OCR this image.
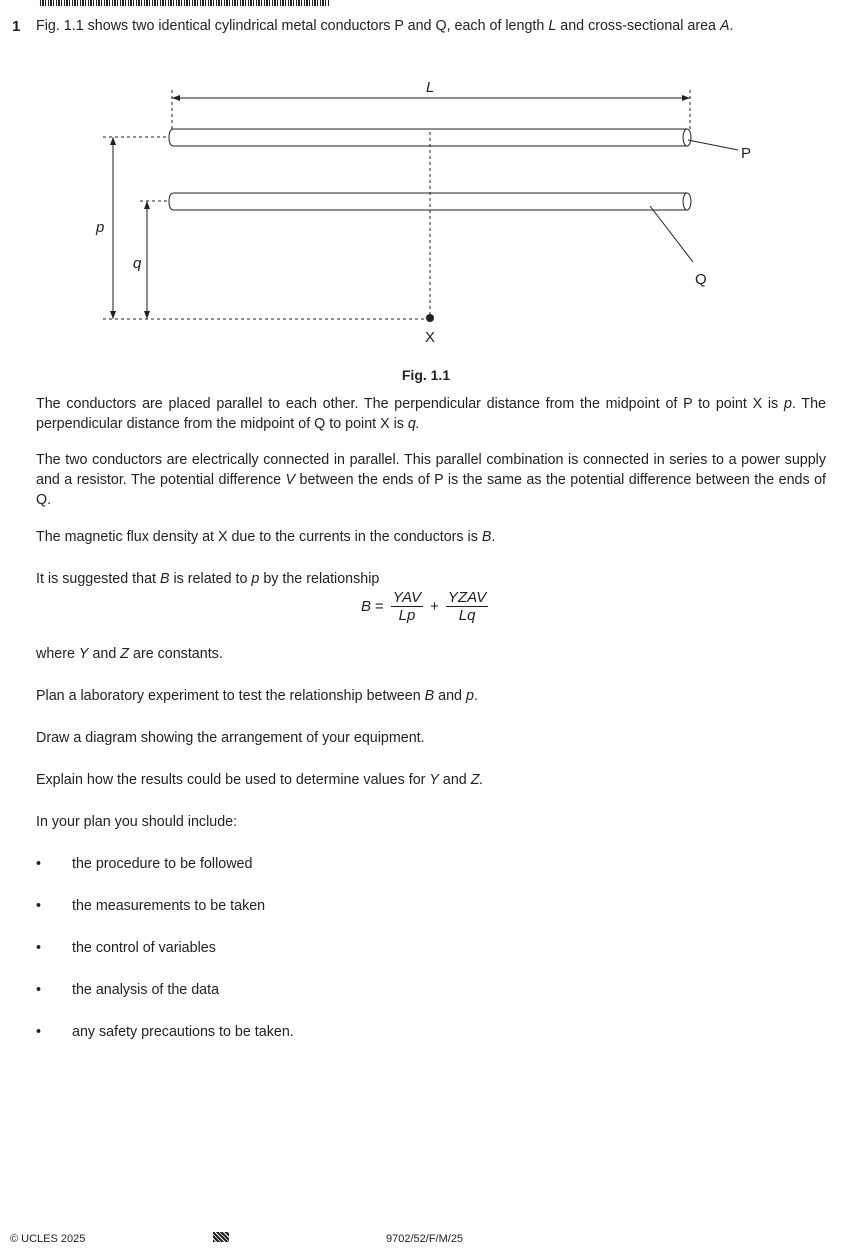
1 Fig. 1.1 shows two identical cylindrical metal conductors P and Q, each of length L and cross-sectional area A.
L
P
Q
p
q
X
Fig. 1.1

The conductors are placed parallel to each other. The perpendicular distance from the midpoint of P to point X is p. The perpendicular distance from the midpoint of Q to point X is q.

The two conductors are electrically connected in parallel. This parallel combination is connected in series to a power supply and a resistor. The potential difference V between the ends of P is the same as the potential difference between the ends of Q.

The magnetic flux density at X due to the currents in the conductors is B.

It is suggested that B is related to p by the relationship

$B = \frac{\text{YAV}}{Lp} + \frac{\text{YZAV}}{Lq}$

where Y and Z are constants.

Plan a laboratory experiment to test the relationship between B and p.

Draw a diagram showing the arrangement of your equipment.

Explain how the results could be used to determine values for Y and Z.

In your plan you should include:

• the procedure to be followed
• the measurements to be taken
• the control of variables
• the analysis of the data
• any safety precautions to be taken.
© UCLES 2025	9702/52/F/M/25
